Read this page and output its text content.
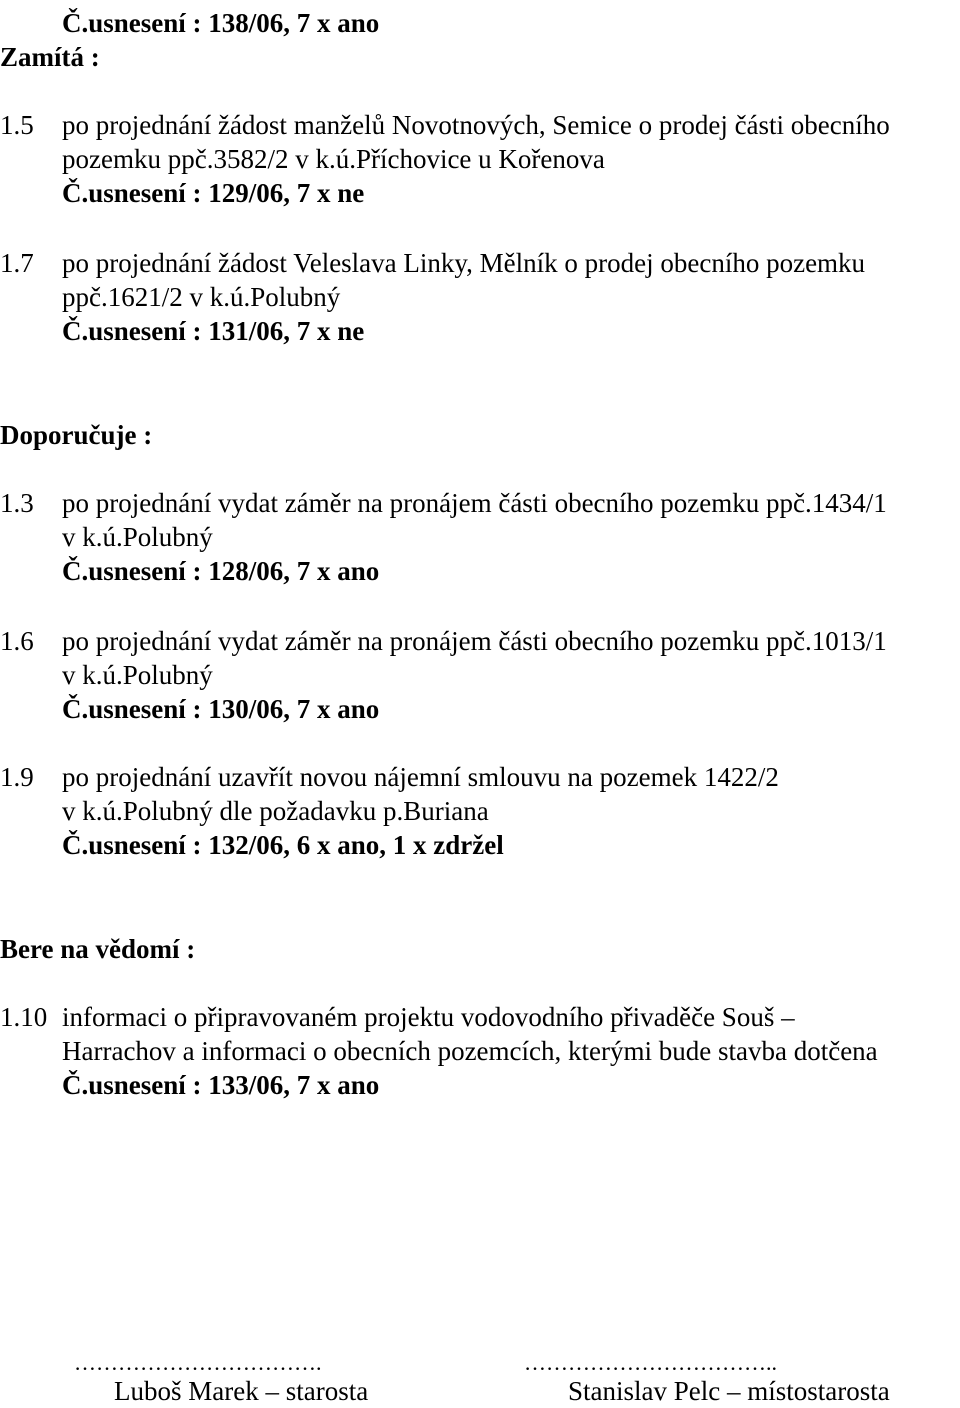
Č.usnesení : 138/06, 7 x ano
Zamítá :
1.5 po projednání žádost manželů Novotnových, Semice o prodej části obecního
pozemku ppč.3582/2 v k.ú.Příchovice u Kořenova
Č.usnesení : 129/06, 7 x ne
1.7 po projednání žádost Veleslava Linky, Mělník o prodej obecního pozemku
ppč.1621/2 v k.ú.Polubný
Č.usnesení : 131/06, 7 x ne
Doporučuje :
1.3 po projednání vydat záměr na pronájem části obecního pozemku ppč.1434/1
v k.ú.Polubný
Č.usnesení : 128/06, 7 x ano
1.6 po projednání vydat záměr na pronájem části obecního pozemku ppč.1013/1
v k.ú.Polubný
Č.usnesení : 130/06, 7 x ano
1.9 po projednání uzavřít novou nájemní smlouvu na pozemek 1422/2
v k.ú.Polubný dle požadavku p.Buriana
Č.usnesení : 132/06, 6 x ano, 1 x zdržel
Bere na vědomí :
1.10 informaci o připravovaném projektu vodovodního přivaděče Souš –
Harrachov a informaci o obecních pozemcích, kterými bude stavba dotčena
Č.usnesení : 133/06, 7 x ano
…………………………….
Luboš Marek – starosta
……………………………..
Stanislav Pelc – místostarosta
